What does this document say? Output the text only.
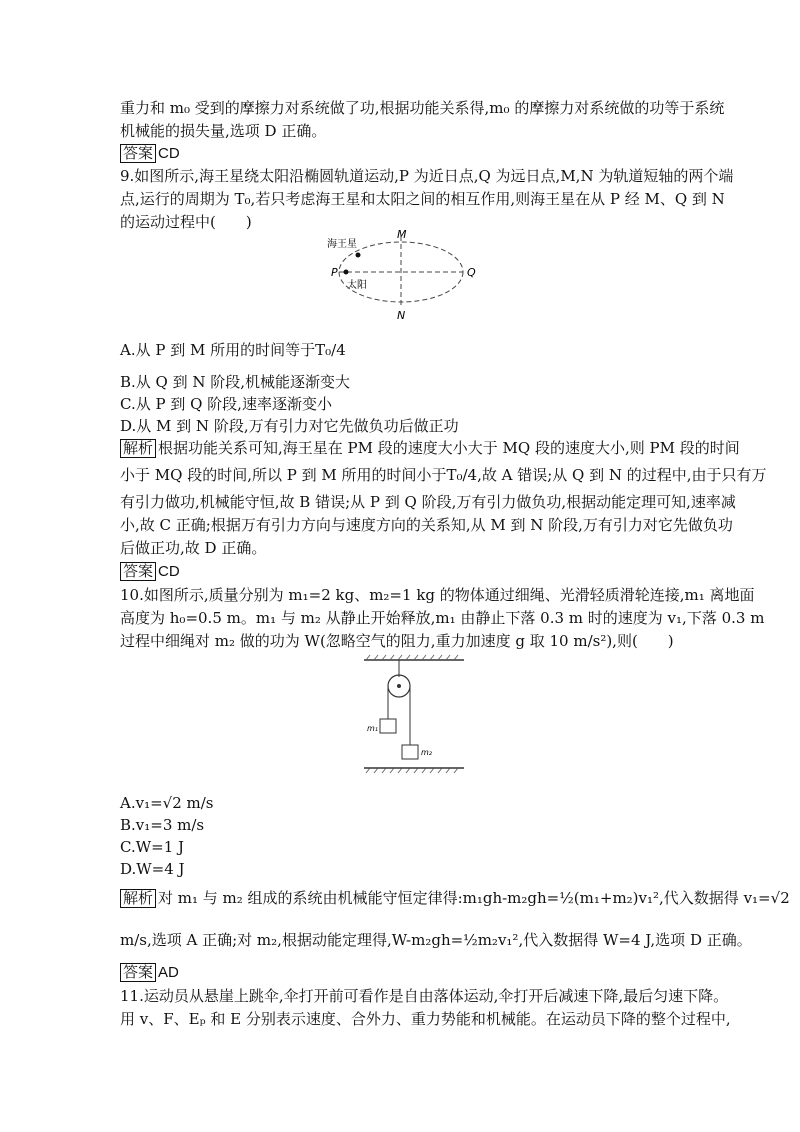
重力和 m₀ 受到的摩擦力对系统做了功,根据功能关系得,m₀ 的摩擦力对系统做的功等于系统
机械能的损失量,选项 D 正确。
答案 CD
9.如图所示,海王星绕太阳沿椭圆轨道运动,P 为近日点,Q 为远日点,M,N 为轨道短轴的两个端
点,运行的周期为 T₀,若只考虑海王星和太阳之间的相互作用,则海王星在从 P 经 M、Q 到 N
的运动过程中(　　)
海王星
太阳
P	Q
M
N
A.从 P 到 M 所用的时间等于T₀/4
B.从 Q 到 N 阶段,机械能逐渐变大
C.从 P 到 Q 阶段,速率逐渐变小
D.从 M 到 N 阶段,万有引力对它先做负功后做正功
解析 根据功能关系可知,海王星在 PM 段的速度大小大于 MQ 段的速度大小,则 PM 段的时间
小于 MQ 段的时间,所以 P 到 M 所用的时间小于T₀/4,故 A 错误;从 Q 到 N 的过程中,由于只有万
有引力做功,机械能守恒,故 B 错误;从 P 到 Q 阶段,万有引力做负功,根据动能定理可知,速率减
小,故 C 正确;根据万有引力方向与速度方向的关系知,从 M 到 N 阶段,万有引力对它先做负功
后做正功,故 D 正确。
答案 CD
10.如图所示,质量分别为 m₁=2 kg、m₂=1 kg 的物体通过细绳、光滑轻质滑轮连接,m₁ 离地面
高度为 h₀=0.5 m。m₁ 与 m₂ 从静止开始释放,m₁ 由静止下落 0.3 m 时的速度为 v₁,下落 0.3 m
过程中细绳对 m₂ 做的功为 W(忽略空气的阻力,重力加速度 g 取 10 m/s²),则(　　)
m₁
m₂
A.v₁=√2 m/s
B.v₁=3 m/s
C.W=1 J
D.W=4 J
解析 对 m₁ 与 m₂ 组成的系统由机械能守恒定律得:m₁gh-m₂gh=½(m₁+m₂)v₁²,代入数据得 v₁=√2
m/s,选项 A 正确;对 m₂,根据动能定理得,W-m₂gh=½m₂v₁²,代入数据得 W=4 J,选项 D 正确。
答案 AD
11.运动员从悬崖上跳伞,伞打开前可看作是自由落体运动,伞打开后减速下降,最后匀速下降。
用 v、F、Eₚ 和 E 分别表示速度、合外力、重力势能和机械能。在运动员下降的整个过程中,
